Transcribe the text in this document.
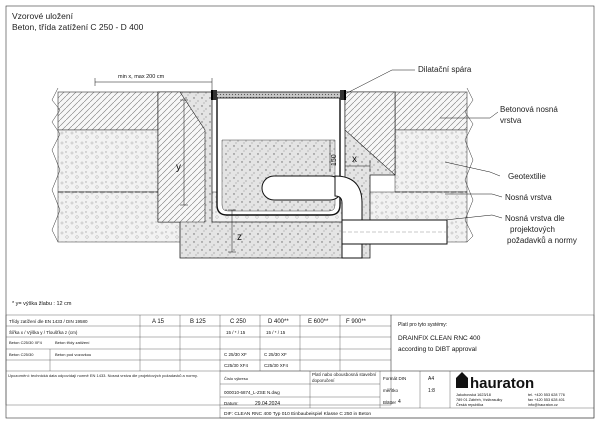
Vzorové uložení
Beton, třída zatížení C 250 - D 400
min x, max 200 cm
y
z
x
150
Dilatační spára
Betonová nosná
vrstva
Geotextilie
Nosná vrstva
Nosná vrstva dle
projektových
požadavků a normy
* y= výška žlabu : 12 cm
Třídy zatížení dle EN 1433 / DIN 19580	A 15	B 125	C 250	D 400**	E 600**	F 900**
Šířka x / Výška y / Tloušťka z (cm)	15 / * / 15	15 / * / 15
Beton C25/30 XF4	Beton třídy zatížení
Beton C25/30	Beton pod vozovkou	C 25/30 XF	C 25/30 XF
C25/30 XF4	C25/30 XF4
Upozornění: technická data odpovídají normě EN 1433. Nosná vrstva dle projektových požadavků a normy.
Platí pro tyto systémy:
DRAINFIX CLEAN RNC 400
according to DIBT approval
Číslo výkresu
000010-6874_L-ZSE N.dwg
Datum:	29.04.2024
Platí nabo obousbosná stavební doporučení
4
Formát DIN	A4
měřítko	1:8
Blätter
DIF: CLEAN RNC 400 Typ 010 Einbaubeispiel Klasse C 250 in Beton
hauraton
Jakubovská 1623/18
789 01 Zábřeh, Vsštrasulky
Česká republika
tel. +420 553 628 776
fax +420 553 628 401
info@hauraton.cz
